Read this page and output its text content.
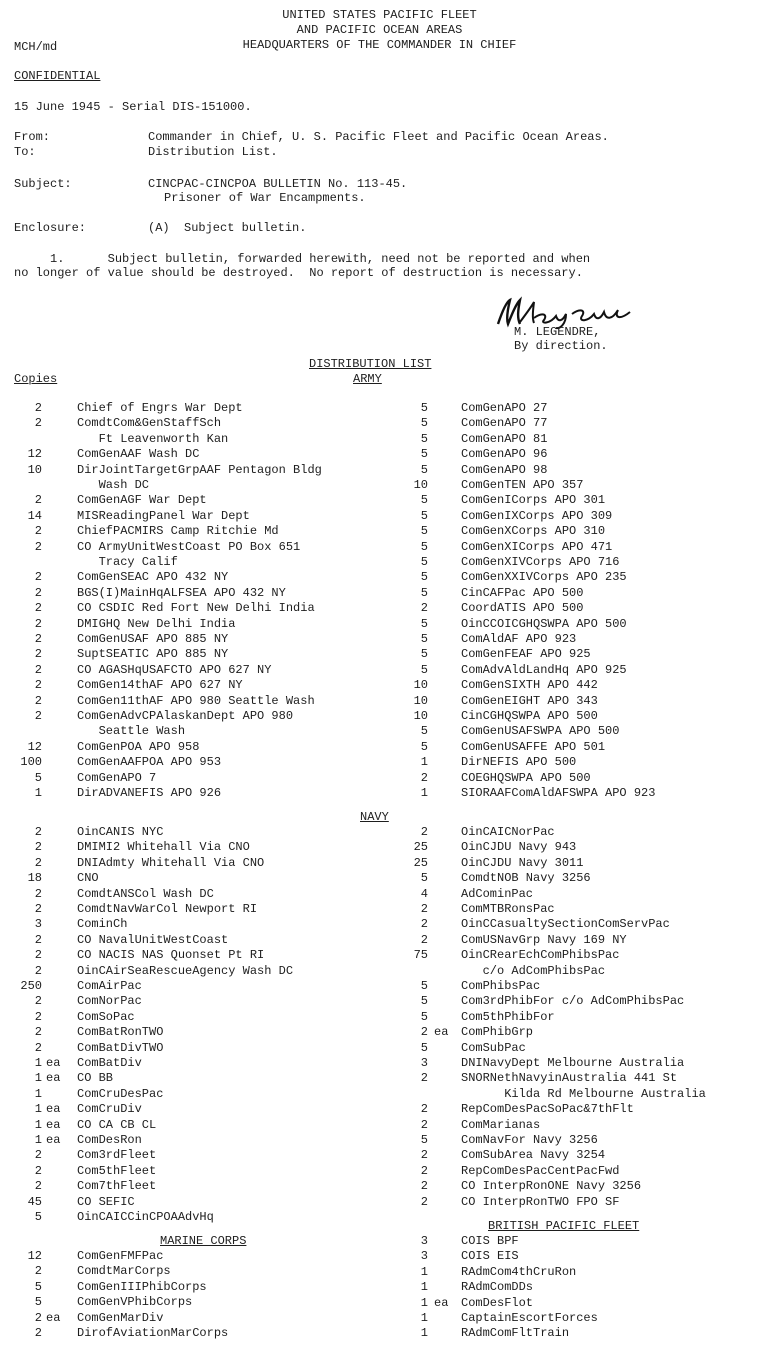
UNITED STATES PACIFIC FLEET
AND PACIFIC OCEAN AREAS
HEADQUARTERS OF THE COMMANDER IN CHIEF
MCH/md
CONFIDENTIAL
15 June 1945 - Serial DIS-151000.
From:	Commander in Chief, U. S. Pacific Fleet and Pacific Ocean Areas.
To:	Distribution List.
Subject:	CINCPAC-CINCPOA BULLETIN No. 113-45.
Prisoner of War Encampments.
Enclosure:	(A)  Subject bulletin.
1.      Subject bulletin, forwarded herewith, need not be reported and when
no longer of value should be destroyed.  No report of destruction is necessary.
M. LEGENDRE,
By direction.
DISTRIBUTION LIST
Copies	ARMY
2	Chief of Engrs War Dept
2	ComdtCom&GenStaffSch
Ft Leavenworth Kan
12	ComGenAAF Wash DC
10	DirJointTargetGrpAAF Pentagon Bldg
Wash DC
2	ComGenAGF War Dept
14	MISReadingPanel War Dept
2	ChiefPACMIRS Camp Ritchie Md
2	CO ArmyUnitWestCoast PO Box 651
Tracy Calif
2	ComGenSEAC APO 432 NY
2	BGS(I)MainHqALFSEA APO 432 NY
2	CO CSDIC Red Fort New Delhi India
2	DMIGHQ New Delhi India
2	ComGenUSAF APO 885 NY
2	SuptSEATIC APO 885 NY
2	CO AGASHqUSAFCTO APO 627 NY
2	ComGen14thAF APO 627 NY
2	ComGen11thAF APO 980 Seattle Wash
2	ComGenAdvCPAlaskanDept APO 980
Seattle Wash
12	ComGenPOA APO 958
100	ComGenAAFPOA APO 953
5	ComGenAPO 7
1	DirADVANEFIS APO 926
5	ComGenAPO 27
5	ComGenAPO 77
5	ComGenAPO 81
5	ComGenAPO 96
5	ComGenAPO 98
10	ComGenTEN APO 357
5	ComGenICorps APO 301
5	ComGenIXCorps APO 309
5	ComGenXCorps APO 310
5	ComGenXICorps APO 471
5	ComGenXIVCorps APO 716
5	ComGenXXIVCorps APO 235
5	CinCAFPac APO 500
2	CoordATIS APO 500
5	OinCCOICGHQSWPA APO 500
5	ComAldAF APO 923
5	ComGenFEAF APO 925
5	ComAdvAldLandHq APO 925
10	ComGenSIXTH APO 442
10	ComGenEIGHT APO 343
10	CinCGHQSWPA APO 500
5	ComGenUSAFSWPA APO 500
5	ComGenUSAFFE APO 501
1	DirNEFIS APO 500
2	COEGHQSWPA APO 500
1	SIORAAFComAldAFSWPA APO 923
NAVY
2	OinCANIS NYC
2	DMIMI2 Whitehall Via CNO
2	DNIAdmty Whitehall Via CNO
18	CNO
2	ComdtANSCol Wash DC
2	ComdtNavWarCol Newport RI
3	CominCh
2	CO NavalUnitWestCoast
2	CO NACIS NAS Quonset Pt RI
2	OinCAirSeaRescueAgency Wash DC
250	ComAirPac
2	ComNorPac
2	ComSoPac
2	ComBatRonTWO
2	ComBatDivTWO
1 ea ComBatDiv
1 ea CO BB
1	ComCruDesPac
1 ea ComCruDiv
1 ea CO CA CB CL
1 ea ComDesRon
2	Com3rdFleet
2	Com5thFleet
2	Com7thFleet
45	CO SEFIC
5	OinCAICCinCPOAAdvHq
2	OinCAICNorPac
25	OinCJDU Navy 943
25	OinCJDU Navy 3011
5	ComdtNOB Navy 3256
4	AdCominPac
2	ComMTBRonsPac
2	OinCCasualtySectionComServPac
2	ComUSNavGrp Navy 169 NY
75	OinCRearEchComPhibsPac
c/o AdComPhibsPac
5	ComPhibsPac
5	Com3rdPhibFor c/o AdComPhibsPac
5	Com5thPhibFor
2 ea ComPhibGrp
5	ComSubPac
3	DNINavyDept Melbourne Australia
2	SNORNethNavyinAustralia 441 St
Kilda Rd Melbourne Australia
2	RepComDesPacSoPac&7thFlt
2	ComMarianas
5	ComNavFor Navy 3256
2	ComSubArea Navy 3254
2	RepComDesPacCentPacFwd
2	CO InterpRonONE Navy 3256
2	CO InterpRonTWO FPO SF
MARINE CORPS
12	ComGenFMFPac
2	ComdtMarCorps
5	ComGenIIIPhibCorps
5	ComGenVPhibCorps
2 ea ComGenMarDiv
2	DirofAviationMarCorps
BRITISH PACIFIC FLEET
3	COIS BPF
3	COIS EIS
1	RAdmCom4thCruRon
1	RAdmComDDs
1 ea ComDesFlot
1	CaptainEscortForces
1	RAdmComFltTrain
